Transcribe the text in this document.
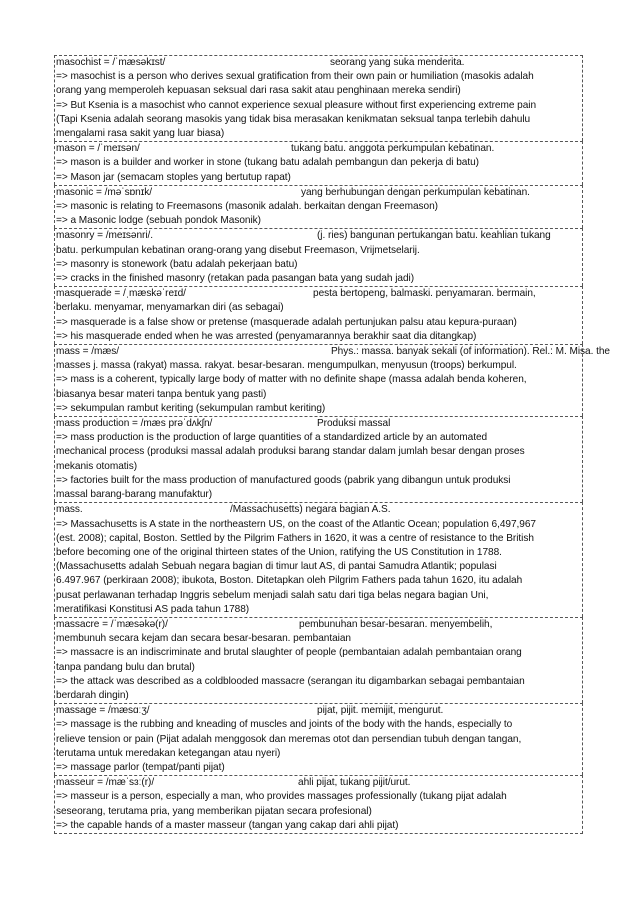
masochist = /ˈmæsəkɪst/	seorang yang suka menderita.
=> masochist is a person who derives sexual gratification from their own pain or humiliation (masokis adalah
orang yang memperoleh kepuasan seksual dari rasa sakit atau penghinaan mereka sendiri)
=> But Ksenia is a masochist who cannot experience sexual pleasure without first experiencing extreme pain
(Tapi Ksenia adalah seorang masokis yang tidak bisa merasakan kenikmatan seksual tanpa terlebih dahulu
mengalami rasa sakit yang luar biasa)
mason = /ˈmeɪsən/	tukang batu. anggota perkumpulan kebatinan.
=> mason is a builder and worker in stone (tukang batu adalah pembangun dan pekerja di batu)
=> Mason jar (semacam stoples yang bertutup rapat)
masonic = /məˈsɒnɪk/	yang berhubungan dengan perkumpulan kebatinan.
=> masonic is relating to Freemasons (masonik adalah. berkaitan dengan Freemason)
=> a Masonic lodge (sebuah pondok Masonik)
masonry = /meɪsənri/.	(j. ries) bangunan pertukangan batu. keahlian tukang
batu. perkumpulan kebatinan orang-orang yang disebut Freemason, Vrijmetselarij.
=> masonry is stonework (batu adalah pekerjaan batu)
=> cracks in the finished masonry (retakan pada pasangan bata yang sudah jadi)
masquerade = /ˌmæskəˈreɪd/	pesta bertopeng, balmaski. penyamaran. bermain,
berlaku. menyamar, menyamarkan diri (as sebagai)
=> masquerade is a false show or pretense (masquerade adalah pertunjukan palsu atau kepura-puraan)
=> his masquerade ended when he was arrested (penyamarannya berakhir saat dia ditangkap)
mass = /mæs/	Phys.: massa. banyak sekali (of information). Rel.: M. Misa. the
masses j. massa (rakyat) massa. rakyat. besar-besaran. mengumpulkan, menyusun (troops) berkumpul.
=> mass is a coherent, typically large body of matter with no definite shape (massa adalah benda koheren,
biasanya besar materi tanpa bentuk yang pasti)
=> sekumpulan rambut keriting (sekumpulan rambut keriting)
mass production = /mæs prəˈdʌkʃn/	Produksi massal
=> mass production is the production of large quantities of a standardized article by an automated
mechanical process (produksi massal adalah produksi barang standar dalam jumlah besar dengan proses
mekanis otomatis)
=> factories built for the mass production of manufactured goods (pabrik yang dibangun untuk produksi
massal barang-barang manufaktur)
mass.	/Massachusetts) negara bagian A.S.
=> Massachusetts is A state in the northeastern US, on the coast of the Atlantic Ocean; population 6,497,967
(est. 2008); capital, Boston. Settled by the Pilgrim Fathers in 1620, it was a centre of resistance to the British
before becoming one of the original thirteen states of the Union, ratifying the US Constitution in 1788.
(Massachusetts adalah Sebuah negara bagian di timur laut AS, di pantai Samudra Atlantik; populasi
6.497.967 (perkiraan 2008); ibukota, Boston. Ditetapkan oleh Pilgrim Fathers pada tahun 1620, itu adalah
pusat perlawanan terhadap Inggris sebelum menjadi salah satu dari tiga belas negara bagian Uni,
meratifikasi Konstitusi AS pada tahun 1788)
massacre = /ˈmæsəkə(r)/	pembunuhan besar-besaran. menyembelih,
membunuh secara kejam dan secara besar-besaran. pembantaian
=> massacre is an indiscriminate and brutal slaughter of people (pembantaian adalah pembantaian orang
tanpa pandang bulu dan brutal)
=> the attack was described as a coldblooded massacre (serangan itu digambarkan sebagai pembantaian
berdarah dingin)
massage = /mæsɑːʒ/	pijat, pijit. memijit, mengurut.
=> massage is the rubbing and kneading of muscles and joints of the body with the hands, especially to
relieve tension or pain (Pijat adalah menggosok dan meremas otot dan persendian tubuh dengan tangan,
terutama untuk meredakan ketegangan atau nyeri)
=> massage parlor (tempat/panti pijat)
masseur = /mæˈsɜː(r)/	ahli pijat, tukang pijit/urut.
=> masseur is a person, especially a man, who provides massages professionally (tukang pijat adalah
seseorang, terutama pria, yang memberikan pijatan secara profesional)
=> the capable hands of a master masseur (tangan yang cakap dari ahli pijat)
